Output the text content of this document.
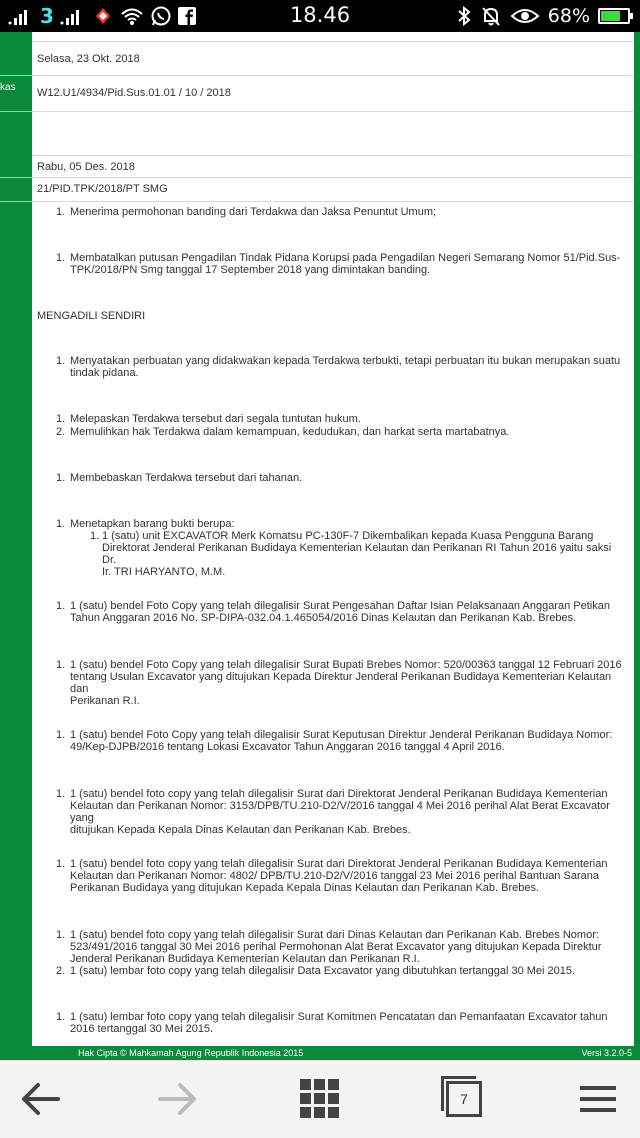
3	18.46	68%
kas
Selasa, 23 Okt. 2018
W12.U1/4934/Pid.Sus.01.01 / 10 / 2018
Rabu, 05 Des. 2018
21/PID.TPK/2018/PT SMG
1. Menerima permohonan banding dari Terdakwa dan Jaksa Penuntut Umum;
1. Membatalkan putusan Pengadilan Tindak Pidana Korupsi pada Pengadilan Negeri Semarang Nomor 51/Pid.Sus-
TPK/2018/PN Smg tanggal 17 September 2018 yang dimintakan banding.
MENGADILI SENDIRI
1. Menyatakan perbuatan yang didakwakan kepada Terdakwa terbukti, tetapi perbuatan itu bukan merupakan suatu
tindak pidana.
1. Melepaskan Terdakwa tersebut dari segala tuntutan hukum.
2. Memulihkan hak Terdakwa dalam kemampuan, kedudukan, dan harkat serta martabatnya.
1. Membebaskan Terdakwa tersebut dari tahanan.
1. Menetapkan barang bukti berupa:
1. 1 (satu) unit EXCAVATOR Merk Komatsu PC-130F-7 Dikembalikan kepada Kuasa Pengguna Barang
Direktorat Jenderal Perikanan Budidaya Kementerian Kelautan dan Perikanan RI Tahun 2016 yaitu saksi Dr.
Ir. TRI HARYANTO, M.M.
1. 1 (satu) bendel Foto Copy yang telah dilegalisir Surat Pengesahan Daftar Isian Pelaksanaan Anggaran Petikan
Tahun Anggaran 2016 No. SP-DIPA-032.04.1.465054/2016 Dinas Kelautan dan Perikanan Kab. Brebes.
1. 1 (satu) bendel Foto Copy yang telah dilegalisir Surat Bupati Brebes Nomor: 520/00363 tanggal 12 Februari 2016
tentang Usulan Excavator yang ditujukan Kepada Direktur Jenderal Perikanan Budidaya Kementerian Kelautan dan
Perikanan R.I.
1. 1 (satu) bendel Foto Copy yang telah dilegalisir Surat Keputusan Direktur Jenderal Perikanan Budidaya Nomor:
49/Kep-DJPB/2016 tentang Lokasi Excavator Tahun Anggaran 2016 tanggal 4 April 2016.
1. 1 (satu) bendel foto copy yang telah dilegalisir Surat dari Direktorat Jenderal Perikanan Budidaya Kementerian
Kelautan dan Perikanan Nomor: 3153/DPB/TU.210-D2/V/2016 tanggal 4 Mei 2016 perihal Alat Berat Excavator yang
ditujukan Kepada Kepala Dinas Kelautan dan Perikanan Kab. Brebes.
1. 1 (satu) bendel foto copy yang telah dilegalisir Surat dari Direktorat Jenderal Perikanan Budidaya Kementerian
Kelautan dan Perikanan Nomor: 4802/ DPB/TU.210-D2/V/2016 tanggal 23 Mei 2016 perihal Bantuan Sarana
Perikanan Budidaya yang ditujukan Kepada Kepala Dinas Kelautan dan Perikanan Kab. Brebes.
1. 1 (satu) bendel foto copy yang telah dilegalisir Surat dari Dinas Kelautan dan Perikanan Kab. Brebes Nomor:
523/491/2016 tanggal 30 Mei 2016 perihal Permohonan Alat Berat Excavator yang ditujukan Kepada Direktur
Jenderal Perikanan Budidaya Kementerian Kelautan dan Perikanan R.I.
2. 1 (satu) lembar foto copy yang telah dilegalisir Data Excavator yang dibutuhkan tertanggal 30 Mei 2015.
1. 1 (satu) lembar foto copy yang telah dilegalisir Surat Komitmen Pencatatan dan Pemanfaatan Excavator tahun
2016 tertanggal 30 Mei 2015.
Hak Cipta © Mahkamah Agung Republik Indonesia 2015	Versi 3.2.0-5
7
